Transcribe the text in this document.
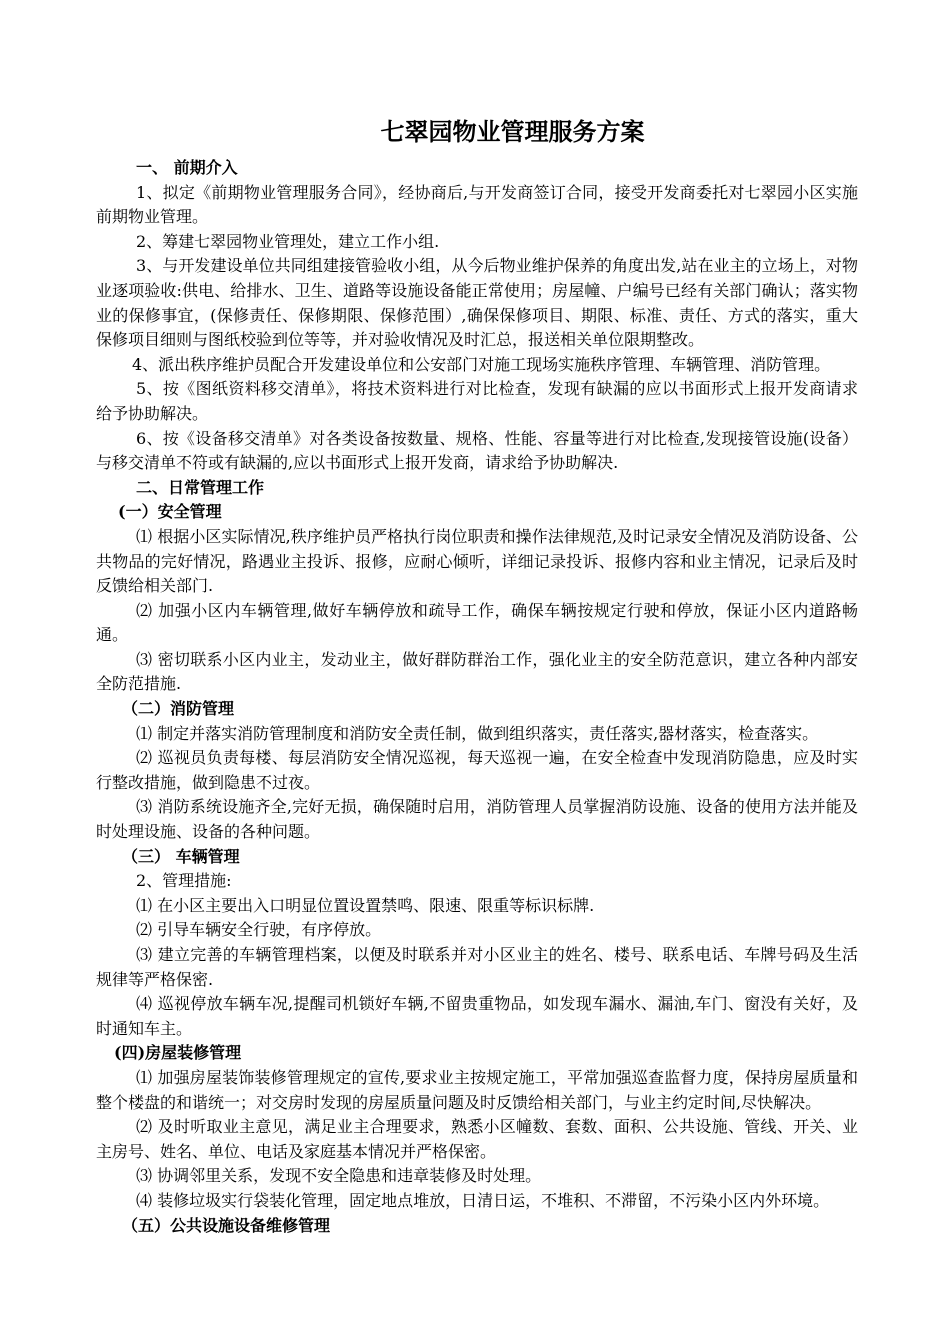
七翠园物业管理服务方案

一、 前期介入

1、拟定《前期物业管理服务合同》，经协商后,与开发商签订合同，接受开发商委托对七翠园小区实施前期物业管理。

2、筹建七翠园物业管理处，建立工作小组.

3、与开发建设单位共同组建接管验收小组，从今后物业维护保养的角度出发,站在业主的立场上，对物业逐项验收:供电、给排水、卫生、道路等设施设备能正常使用；房屋幢、户编号已经有关部门确认；落实物业的保修事宜，(保修责任、保修期限、保修范围）,确保保修项目、期限、标准、责任、方式的落实，重大保修项目细则与图纸校验到位等等，并对验收情况及时汇总，报送相关单位限期整改。

4、派出秩序维护员配合开发建设单位和公安部门对施工现场实施秩序管理、车辆管理、消防管理。

5、按《图纸资料移交清单》，将技术资料进行对比检查，发现有缺漏的应以书面形式上报开发商请求给予协助解决。

6、按《设备移交清单》对各类设备按数量、规格、性能、容量等进行对比检查,发现接管设施(设备）与移交清单不符或有缺漏的,应以书面形式上报开发商，请求给予协助解决.

二、日常管理工作

(一）安全管理

⑴ 根据小区实际情况,秩序维护员严格执行岗位职责和操作法律规范,及时记录安全情况及消防设备、公共物品的完好情况，路遇业主投诉、报修，应耐心倾听，详细记录投诉、报修内容和业主情况，记录后及时反馈给相关部门.

⑵ 加强小区内车辆管理,做好车辆停放和疏导工作，确保车辆按规定行驶和停放，保证小区内道路畅通。

⑶ 密切联系小区内业主，发动业主，做好群防群治工作，强化业主的安全防范意识，建立各种内部安全防范措施.

（二）消防管理

⑴ 制定并落实消防管理制度和消防安全责任制，做到组织落实，责任落实,器材落实，检查落实。

⑵ 巡视员负责每楼、每层消防安全情况巡视，每天巡视一遍，在安全检查中发现消防隐患，应及时实行整改措施，做到隐患不过夜。

⑶ 消防系统设施齐全,完好无损，确保随时启用，消防管理人员掌握消防设施、设备的使用方法并能及时处理设施、设备的各种问题。

（三） 车辆管理

2、管理措施:

⑴ 在小区主要出入口明显位置设置禁鸣、限速、限重等标识标牌.

⑵ 引导车辆安全行驶，有序停放。

⑶ 建立完善的车辆管理档案，以便及时联系并对小区业主的姓名、楼号、联系电话、车牌号码及生活规律等严格保密.

⑷ 巡视停放车辆车况,提醒司机锁好车辆,不留贵重物品，如发现车漏水、漏油,车门、窗没有关好，及时通知车主。

(四)房屋装修管理

⑴ 加强房屋装饰装修管理规定的宣传,要求业主按规定施工，平常加强巡查监督力度，保持房屋质量和整个楼盘的和谐统一；对交房时发现的房屋质量问题及时反馈给相关部门，与业主约定时间,尽快解决。

⑵ 及时听取业主意见，满足业主合理要求，熟悉小区幢数、套数、面积、公共设施、管线、开关、业主房号、姓名、单位、电话及家庭基本情况并严格保密。

⑶ 协调邻里关系，发现不安全隐患和违章装修及时处理。

⑷ 装修垃圾实行袋装化管理，固定地点堆放，日清日运，不堆积、不滞留，不污染小区内外环境。

（五）公共设施设备维修管理
